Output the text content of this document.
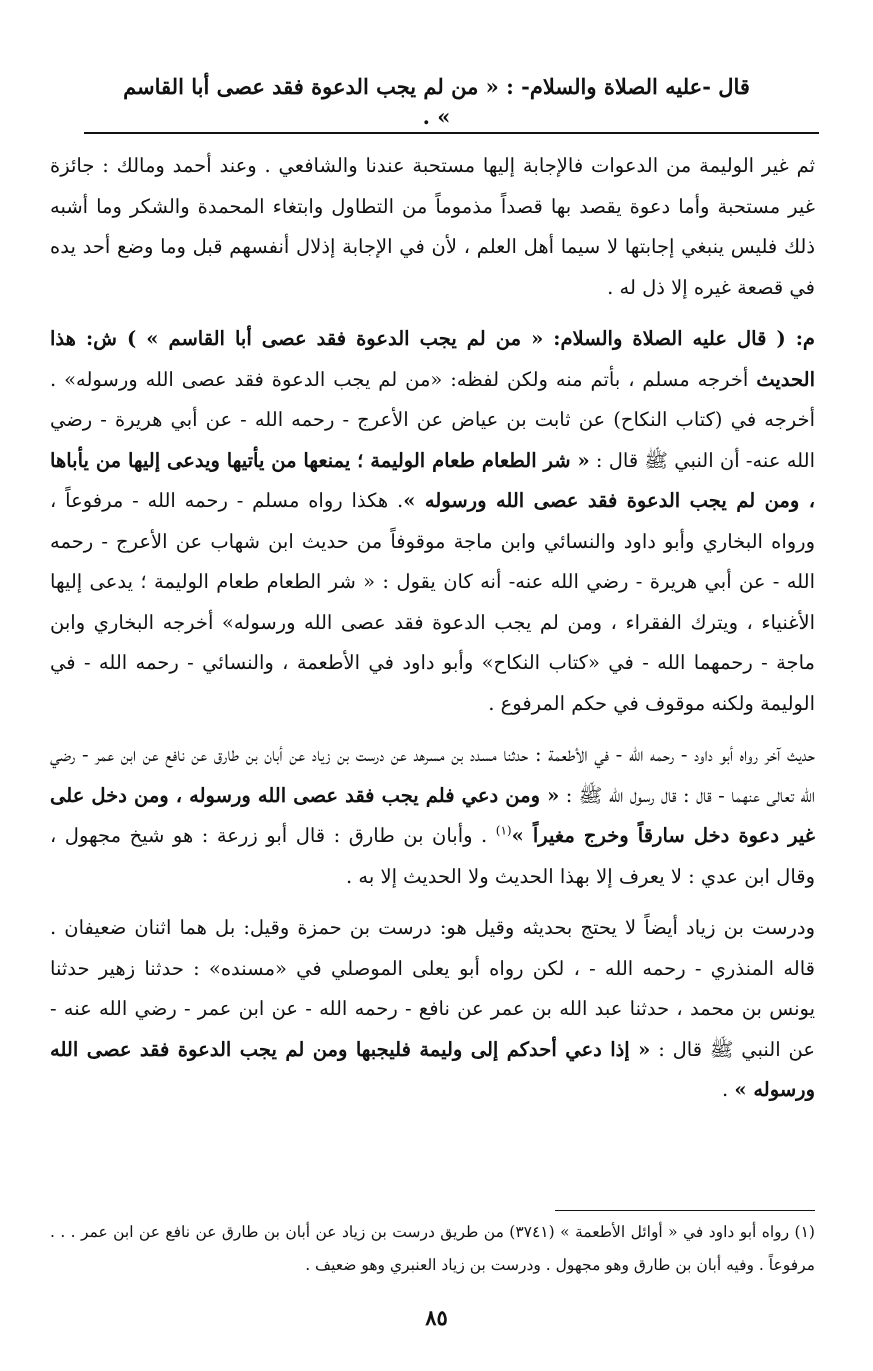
قال -عليه الصلاة والسلام- : « من لم يجب الدعوة فقد عصى أبا القاسم » .

ثم غير الوليمة من الدعوات فالإجابة إليها مستحبة عندنا والشافعي . وعند أحمد ومالك : جائزة غير مستحبة وأما دعوة يقصد بها قصداً مذموماً من التطاول وابتغاء المحمدة والشكر وما أشبه ذلك فليس ينبغي إجابتها لا سيما أهل العلم ، لأن في الإجابة إذلال أنفسهم قبل وما وضع أحد يده في قصعة غيره إلا ذل له .

م: ( قال عليه الصلاة والسلام: « من لم يجب الدعوة فقد عصى أبا القاسم » ) ش: هذا الحديث أخرجه مسلم ، بأتم منه ولكن لفظه: «من لم يجب الدعوة فقد عصى الله ورسوله» . أخرجه في (كتاب النكاح) عن ثابت بن عياض عن الأعرج - رحمه الله - عن أبي هريرة - رضي الله عنه- أن النبي ﷺ قال : « شر الطعام طعام الوليمة ؛ يمنعها من يأتيها ويدعى إليها من يأباها ، ومن لم يجب الدعوة فقد عصى الله ورسوله ». هكذا رواه مسلم - رحمه الله - مرفوعاً ، ورواه البخاري وأبو داود والنسائي وابن ماجة موقوفاً من حديث ابن شهاب عن الأعرج - رحمه الله - عن أبي هريرة - رضي الله عنه- أنه كان يقول : « شر الطعام طعام الوليمة ؛ يدعى إليها الأغنياء ، ويترك الفقراء ، ومن لم يجب الدعوة فقد عصى الله ورسوله» أخرجه البخاري وابن ماجة - رحمهما الله - في «كتاب النكاح» وأبو داود في الأطعمة ، والنسائي - رحمه الله - في الوليمة ولكنه موقوف في حكم المرفوع .

حديث آخر رواه أبو داود - رحمه الله - في الأطعمة : حدثنا مسدد بن مسرهد عن درست بن زياد عن أبان بن طارق عن نافع عن ابن عمر - رضي الله تعالى عنهما - قال : قال رسول الله ﷺ : « ومن دعي فلم يجب فقد عصى الله ورسوله ، ومن دخل على غير دعوة دخل سارقاً وخرج مغيراً »$^{(١)}$ . وأبان بن طارق : قال أبو زرعة : هو شيخ مجهول ، وقال ابن عدي : لا يعرف إلا بهذا الحديث ولا الحديث إلا به .

ودرست بن زياد أيضاً لا يحتج بحديثه وقيل هو: درست بن حمزة وقيل: بل هما اثنان ضعيفان . قاله المنذري - رحمه الله - ، لكن رواه أبو يعلى الموصلي في «مسنده» : حدثنا زهير حدثنا يونس بن محمد ، حدثنا عبد الله بن عمر عن نافع - رحمه الله - عن ابن عمر - رضي الله عنه - عن النبي ﷺ قال : « إذا دعي أحدكم إلى وليمة فليجبها ومن لم يجب الدعوة فقد عصى الله ورسوله » .

(١) رواه أبو داود في « أوائل الأطعمة » (٣٧٤١) من طريق درست بن زياد عن أبان بن طارق عن نافع عن ابن عمر . . . مرفوعاً . وفيه أبان بن طارق وهو مجهول . ودرست بن زياد العنبري وهو ضعيف .
٨٥
